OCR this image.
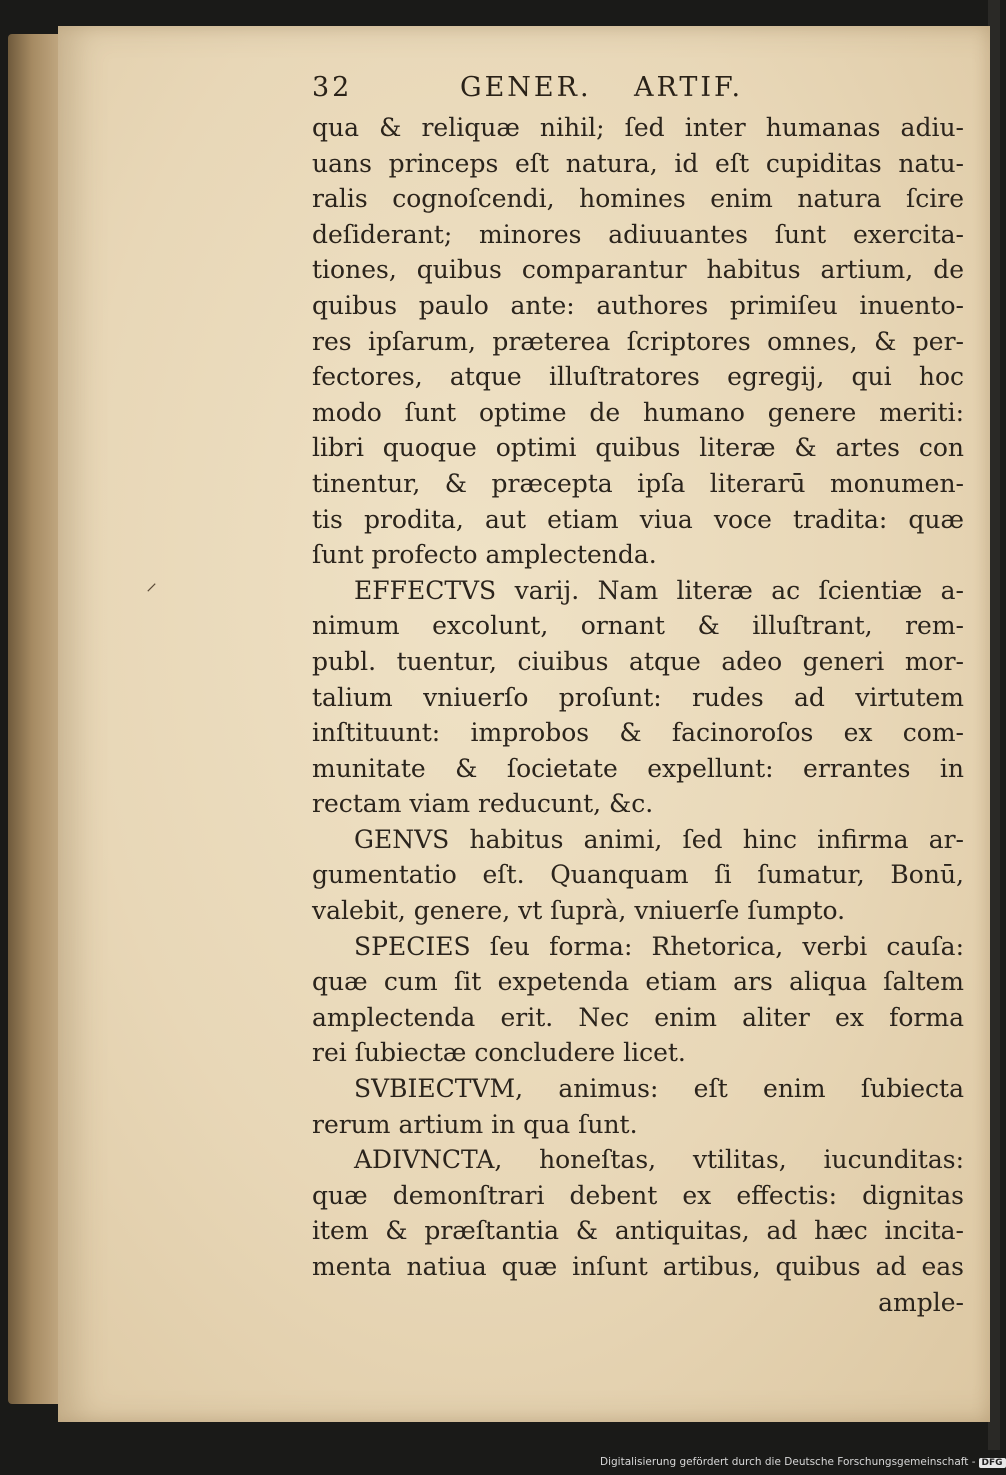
32	GENER. ARTIF.
⸍
qua & reliquæ nihil; ſed inter humanas adiu-
uans princeps eſt natura, id eſt cupiditas natu-
ralis cognoſcendi, homines enim natura ſcire
deſiderant; minores adiuuantes ſunt exercita-
tiones, quibus comparantur habitus artium, de
quibus paulo ante: authores primiſeu inuento-
res ipſarum, præterea ſcriptores omnes, & per-
fectores, atque illuſtratores egregij, qui hoc
modo ſunt optime de humano genere meriti:
libri quoque optimi quibus literæ & artes con
tinentur, & præcepta ipſa literarū monumen-
tis prodita, aut etiam viua voce tradita: quæ
ſunt profecto amplectenda.
EFFECTVS varij. Nam literæ ac ſcientiæ a-
nimum excolunt, ornant & illuſtrant, rem-
publ. tuentur, ciuibus atque adeo generi mor-
talium vniuerſo proſunt: rudes ad virtutem
inſtituunt: improbos & facinoroſos ex com-
munitate & ſocietate expellunt: errantes in
rectam viam reducunt, &c.
GENVS habitus animi, ſed hinc infirma ar-
gumentatio eſt. Quanquam ſi ſumatur, Bonū,
valebit, genere, vt ſuprà, vniuerſe ſumpto.
SPECIES ſeu forma: Rhetorica, verbi cauſa:
quæ cum ſit expetenda etiam ars aliqua ſaltem
amplectenda erit. Nec enim aliter ex forma
rei ſubiectæ concludere licet.
SVBIECTVM, animus: eſt enim ſubiecta
rerum artium in qua ſunt.
ADIVNCTA, honeſtas, vtilitas, iucunditas:
quæ demonſtrari debent ex effectis: dignitas
item & præſtantia & antiquitas, ad hæc incita-
menta natiua quæ inſunt artibus, quibus ad eas
ample-
Digitalisierung gefördert durch die Deutsche Forschungsgemeinschaft - DFG
